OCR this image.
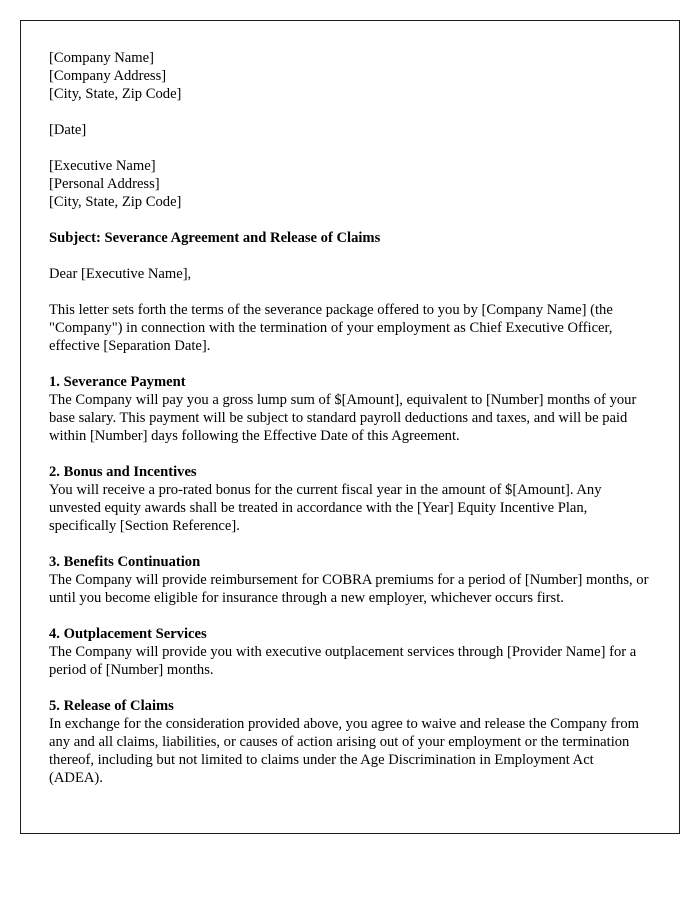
[Company Name]
[Company Address]
[City, State, Zip Code]
[Date]
[Executive Name]
[Personal Address]
[City, State, Zip Code]
Subject: Severance Agreement and Release of Claims
Dear [Executive Name],
This letter sets forth the terms of the severance package offered to you by [Company Name] (the "Company") in connection with the termination of your employment as Chief Executive Officer, effective [Separation Date].
1. Severance Payment
The Company will pay you a gross lump sum of $[Amount], equivalent to [Number] months of your base salary. This payment will be subject to standard payroll deductions and taxes, and will be paid within [Number] days following the Effective Date of this Agreement.
2. Bonus and Incentives
You will receive a pro-rated bonus for the current fiscal year in the amount of $[Amount]. Any unvested equity awards shall be treated in accordance with the [Year] Equity Incentive Plan, specifically [Section Reference].
3. Benefits Continuation
The Company will provide reimbursement for COBRA premiums for a period of [Number] months, or until you become eligible for insurance through a new employer, whichever occurs first.
4. Outplacement Services
The Company will provide you with executive outplacement services through [Provider Name] for a period of [Number] months.
5. Release of Claims
In exchange for the consideration provided above, you agree to waive and release the Company from any and all claims, liabilities, or causes of action arising out of your employment or the termination thereof, including but not limited to claims under the Age Discrimination in Employment Act (ADEA).
